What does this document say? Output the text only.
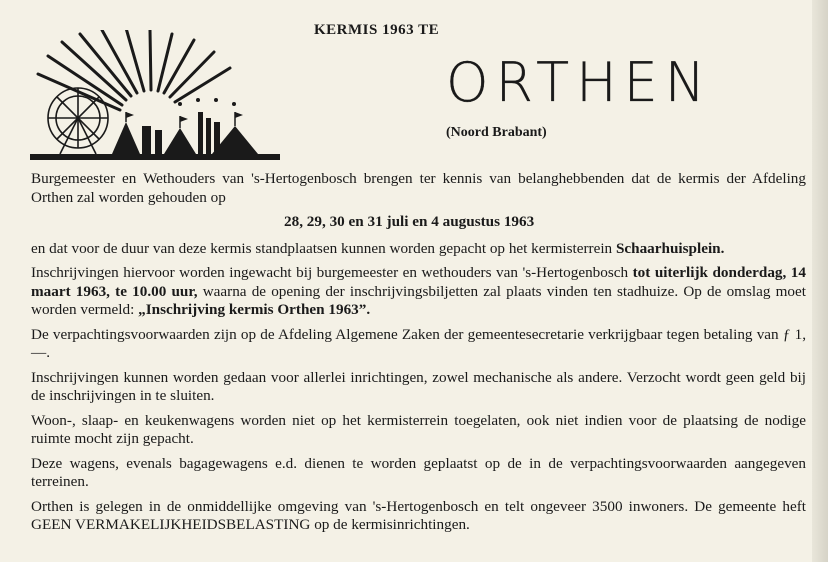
KERMIS 1963 TE
ORTHEN
(Noord Brabant)

Burgemeester en Wethouders van 's-Hertogenbosch brengen ter kennis van belanghebbenden dat de kermis der Afdeling Orthen zal worden gehouden op

28, 29, 30 en 31 juli en 4 augustus 1963

en dat voor de duur van deze kermis standplaatsen kunnen worden gepacht op het kermisterrein Schaarhuisplein.

Inschrijvingen hiervoor worden ingewacht bij burgemeester en wethouders van 's-Hertogenbosch tot uiterlijk donderdag, 14 maart 1963, te 10.00 uur, waarna de opening der inschrijvingsbiljetten zal plaats vinden ten stadhuize. Op de omslag moet worden vermeld: „Inschrijving kermis Orthen 1963”.

De verpachtingsvoorwaarden zijn op de Afdeling Algemene Zaken der gemeentesecretarie verkrijgbaar tegen betaling van ƒ 1,—.

Inschrijvingen kunnen worden gedaan voor allerlei inrichtingen, zowel mechanische als andere. Verzocht wordt geen geld bij de inschrijvingen in te sluiten.

Woon-, slaap- en keukenwagens worden niet op het kermisterrein toegelaten, ook niet indien voor de plaatsing de nodige ruimte mocht zijn gepacht.

Deze wagens, evenals bagagewagens e.d. dienen te worden geplaatst op de in de verpachtingsvoorwaarden aangegeven terreinen.

Orthen is gelegen in de onmiddellijke omgeving van 's-Hertogenbosch en telt ongeveer 3500 inwoners. De gemeente heft GEEN VERMAKELIJKHEIDSBELASTING op de kermisinrichtingen.
